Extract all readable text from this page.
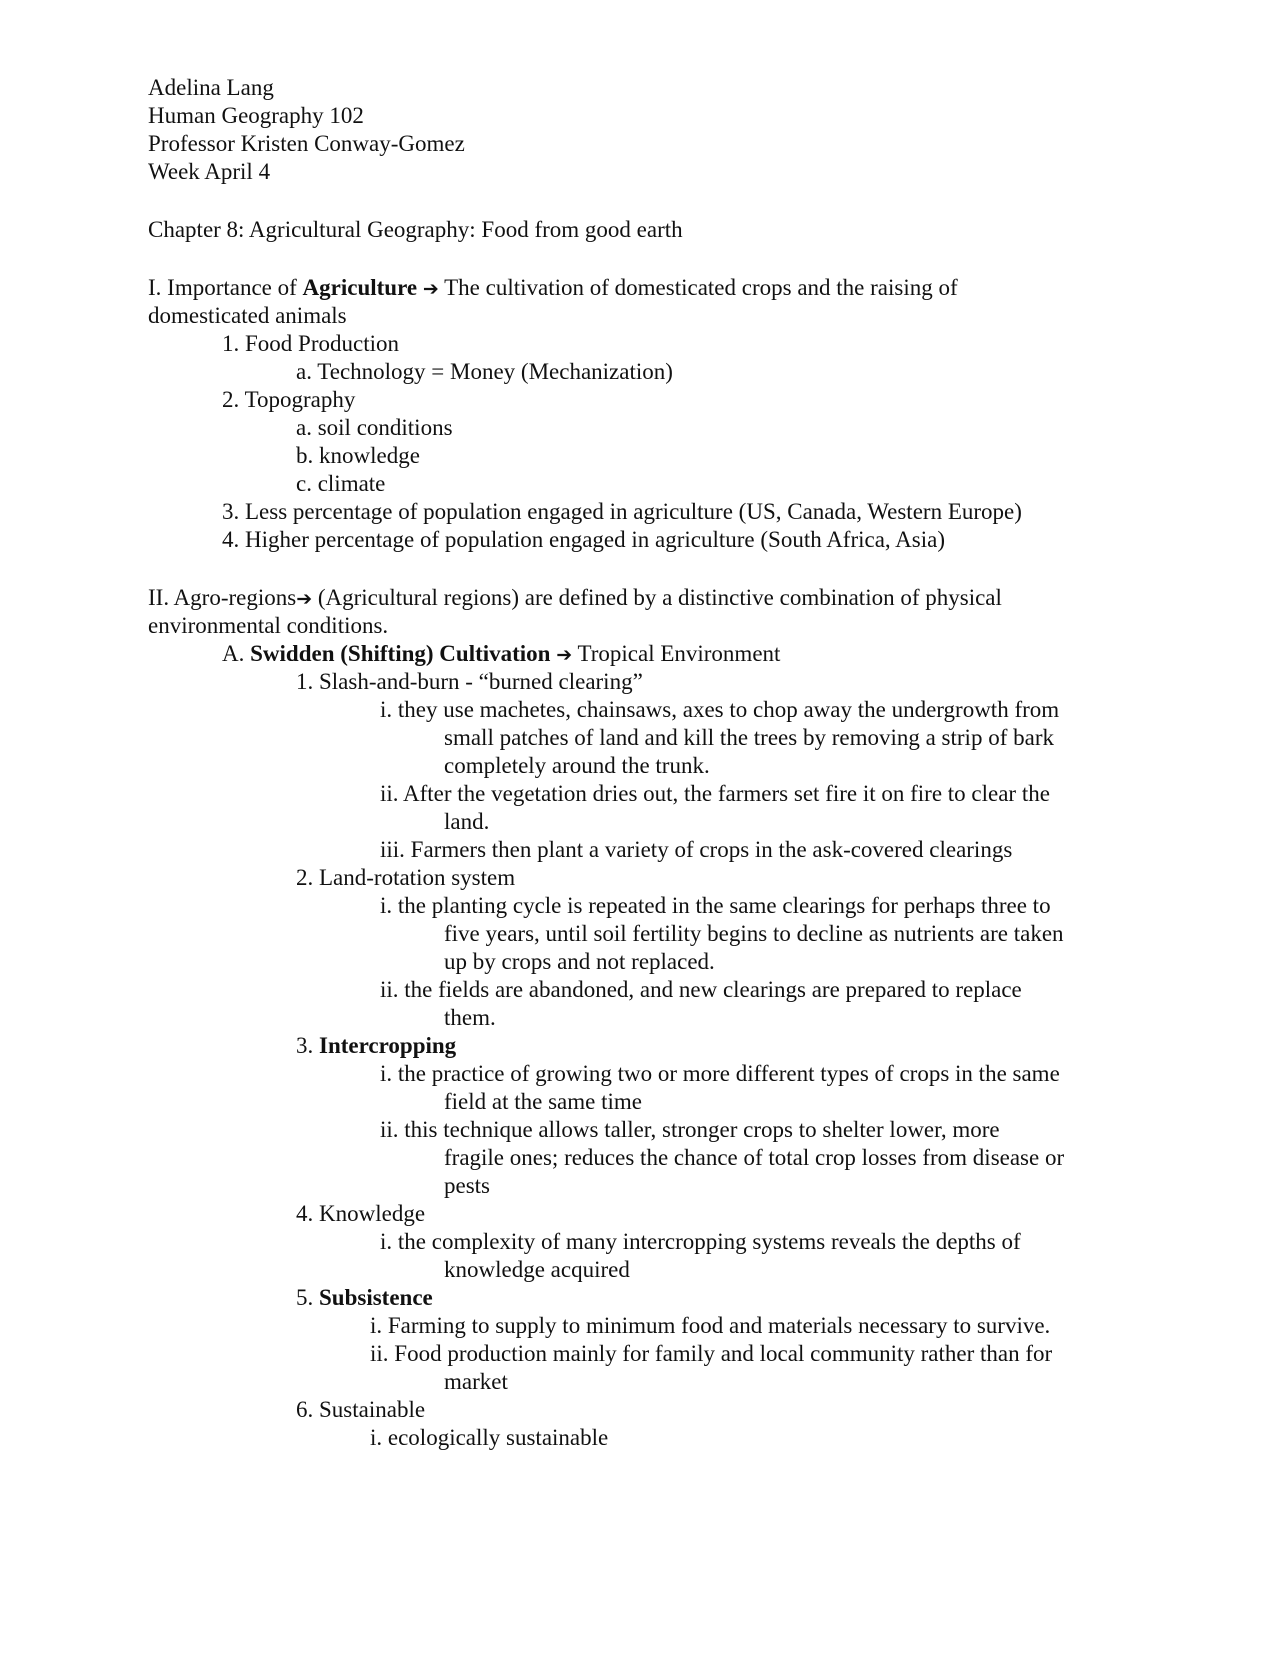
Adelina Lang
Human Geography 102
Professor Kristen Conway-Gomez
Week April 4
Chapter 8: Agricultural Geography: Food from good earth
I. Importance of Agriculture ➔ The cultivation of domesticated crops and the raising of
domesticated animals
1. Food Production
a. Technology = Money (Mechanization)
2. Topography
a. soil conditions
b. knowledge
c. climate
3. Less percentage of population engaged in agriculture (US, Canada, Western Europe)
4. Higher percentage of population engaged in agriculture (South Africa, Asia)
II. Agro-regions➔ (Agricultural regions) are defined by a distinctive combination of physical
environmental conditions.
A. Swidden (Shifting) Cultivation ➔ Tropical Environment
1. Slash-and-burn - “burned clearing”
i. they use machetes, chainsaws, axes to chop away the undergrowth from
small patches of land and kill the trees by removing a strip of bark
completely around the trunk.
ii. After the vegetation dries out, the farmers set fire it on fire to clear the
land.
iii. Farmers then plant a variety of crops in the ask-covered clearings
2. Land-rotation system
i. the planting cycle is repeated in the same clearings for perhaps three to
five years, until soil fertility begins to decline as nutrients are taken
up by crops and not replaced.
ii. the fields are abandoned, and new clearings are prepared to replace
them.
3. Intercropping
i. the practice of growing two or more different types of crops in the same
field at the same time
ii. this technique allows taller, stronger crops to shelter lower, more
fragile ones; reduces the chance of total crop losses from disease or
pests
4. Knowledge
i. the complexity of many intercropping systems reveals the depths of
knowledge acquired
5. Subsistence
i. Farming to supply to minimum food and materials necessary to survive.
ii. Food production mainly for family and local community rather than for
market
6. Sustainable
i. ecologically sustainable
